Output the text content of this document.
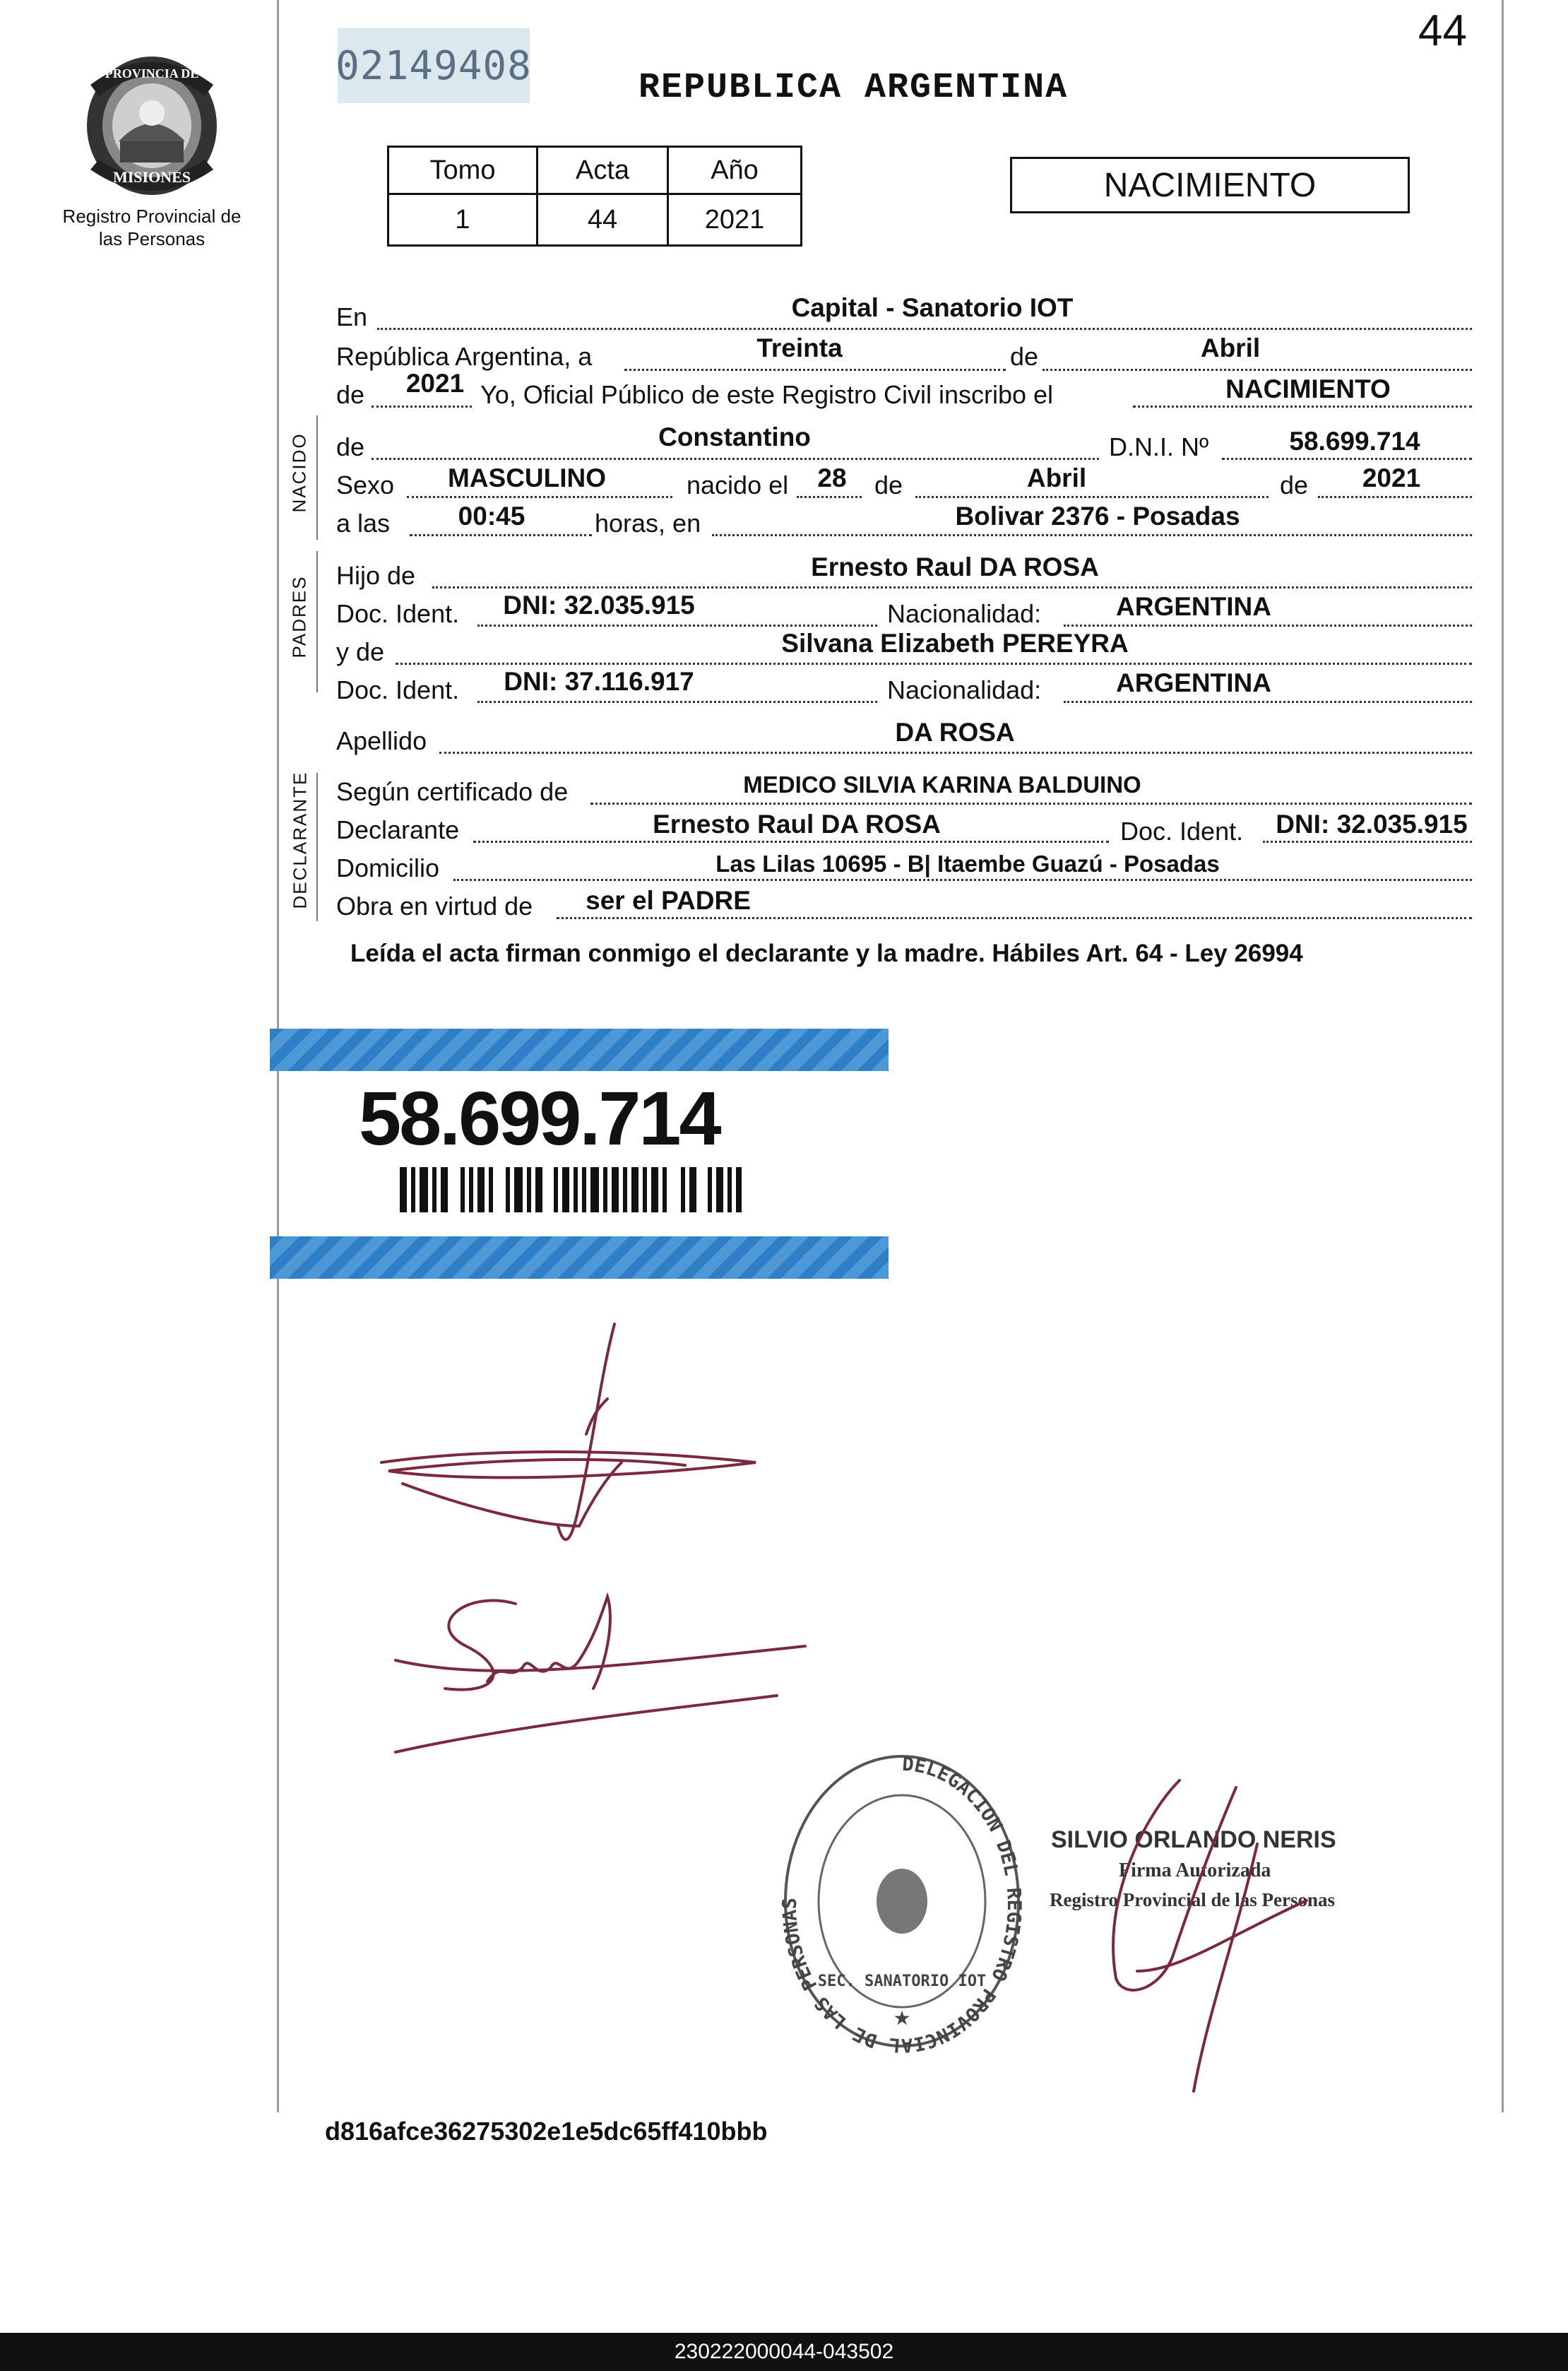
PROVINCIA DE
MISIONES
Registro Provincial de las Personas
02149408	REPUBLICA ARGENTINA
44
Tomo	Acta	Año
1	44	2021
NACIMIENTO
En	Capital - Sanatorio IOT
República Argentina, a	Treinta	de	Abril
de 2021 Yo, Oficial Público de este Registro Civil inscribo el	NACIMIENTO
NACIDO de	Constantino	D.N.I. Nº	58.699.714
Sexo MASCULINO	nacido el 28 de	Abril	de 2021
a las	00:45	horas, en	Bolivar 2376 - Posadas
PADRES Hijo de	Ernesto Raul DA ROSA
Doc. Ident. DNI: 32.035.915	Nacionalidad:	ARGENTINA
y de	Silvana Elizabeth PEREYRA
Doc. Ident. DNI: 37.116.917	Nacionalidad:	ARGENTINA
Apellido	DA ROSA
DECLARANTE Según certificado de	MEDICO SILVIA KARINA BALDUINO
Declarante	Ernesto Raul DA ROSA	Doc. Ident. DNI: 32.035.915
Domicilio	Las Lilas 10695 - B| Itaembe Guazú - Posadas
Obra en virtud de ser el PADRE
Leída el acta firman conmigo el declarante y la madre. Hábiles Art. 64 - Ley 26994
58.699.714
DELEGACION DEL REGISTRO PROVINCIAL DE LAS PERSONAS
SEC. SANATORIO IOT
★
SILVIO ORLANDO NERIS
Firma Autorizada
Registro Provincial de las Personas
d816afce36275302e1e5dc65ff410bbb
230222000044-043502
